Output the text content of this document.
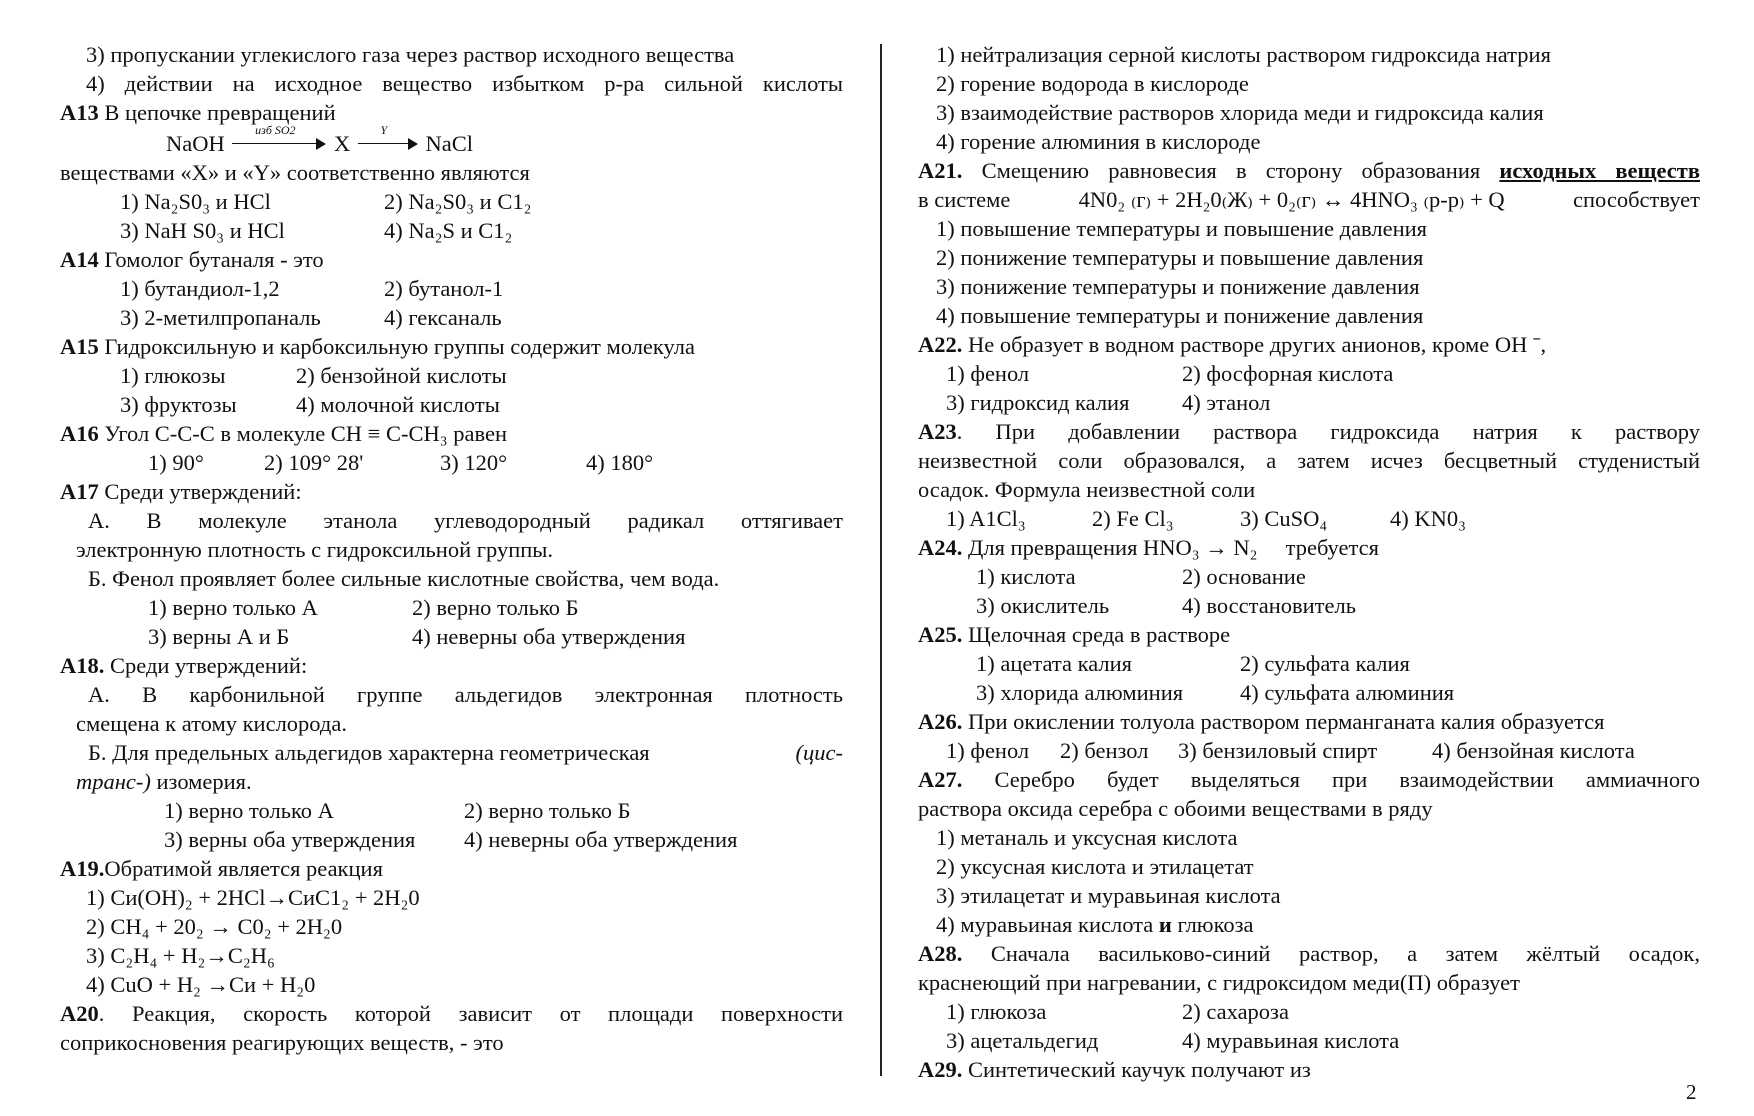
3) пропускании углекислого газа через раствор исходного вещества
4) действии на исходное вещество избытком р-ра сильной кислоты
А13 В цепочке превращений
NaOH
изб SO2
X
Y
NaCl
веществами «X» и «Y» соответственно являются
1) Na₂S0₃ и HCl	2) Na₂S0₃ и C1₂
3) NaH S0₃ и HCl	4) Na₂S и C1₂
А14 Гомолог бутаналя - это
1) бутандиол-1,2	2) бутанол-1
3) 2-метилпропаналь	4) гексаналь
А15 Гидроксильную и карбоксильную группы содержит молекула
1) глюкозы	2) бензойной кислоты
3) фруктозы	4) молочной кислоты
А16 Угол С-С-С в молекуле CH ≡ C-CH₃ равен
1) 90°	2) 109° 28'	3) 120°	4) 180°
А17 Среди утверждений:
А. В молекуле этанола углеводородный радикал оттягивает
электронную плотность с гидроксильной группы.
Б. Фенол проявляет более сильные кислотные свойства, чем вода.
1) верно только А	2) верно только Б
3) верны А и Б	4) неверны оба утверждения
А18. Среди утверждений:
А. В карбонильной группе альдегидов электронная плотность
смещена к атому кислорода.
Б. Для предельных альдегидов характерна геометрическая	(цис-
транс-) изомерия.
1) верно только А	2) верно только Б
3) верны оба утверждения 4) неверны оба утверждения
А19.Обратимой является реакция
1) Cи(OH)₂ + 2HCl→CиC1₂ + 2H₂0
2) CH₄ + 20₂ → C0₂ + 2H₂0
3) C₂H₄ + H₂→C₂H₆
4) CuO + H₂ →Cи + H₂0
А20. Реакция, скорость которой зависит от площади поверхности
соприкосновения реагирующих веществ, - это
1) нейтрализация серной кислоты раствором гидроксида натрия
2) горение водорода в кислороде
3) взаимодействие растворов хлорида меди и гидроксида калия
4) горение алюминия в кислороде
А21. Смещению равновесия в сторону образования исходных веществ
в системе	4N0₂ ₍г₎ + 2H₂0₍Ж₎ + 0₂₍г₎ ↔ 4HNO₃ ₍р-р₎ + Q	способствует
1) повышение температуры и повышение давления
2) понижение температуры и повышение давления
3) понижение температуры и понижение давления
4) повышение температуры и понижение давления
А22. Не образует в водном растворе других анионов, кроме OH ˉ,
1) фенол	2) фосфорная кислота
3) гидроксид калия 4) этанол
А23. При добавлении раствора гидроксида натрия к раствору
неизвестной соли образовался, а затем исчез бесцветный студенистый
осадок. Формула неизвестной соли
1) A1Cl₃	2) Fe Cl₃	3) CuSO₄	4) KN0₃
А24. Для превращения HNO₃ → N₂     требуется
1) кислота	2) основание
3) окислитель	4) восстановитель
А25. Щелочная среда в растворе
1) ацетата калия	2) сульфата калия
3) хлорида алюминия	4) сульфата алюминия
А26. При окислении толуола раствором перманганата калия образуется
1) фенол 2) бензол 3) бензиловый спирт 4) бензойная кислота
А27. Серебро будет выделяться при взаимодействии аммиачного
раствора оксида серебра с обоими веществами в ряду
1) метаналь и уксусная кислота
2) уксусная кислота и этилацетат
3) этилацетат и муравьиная кислота
4) муравьиная кислота и глюкоза
А28. Сначала васильково-синий раствор, а затем жёлтый осадок,
краснеющий при нагревании, с гидроксидом меди(П) образует
1) глюкоза	2) сахароза
3) ацетальдегид	4) муравьиная кислота
А29. Синтетический каучук получают из
2
